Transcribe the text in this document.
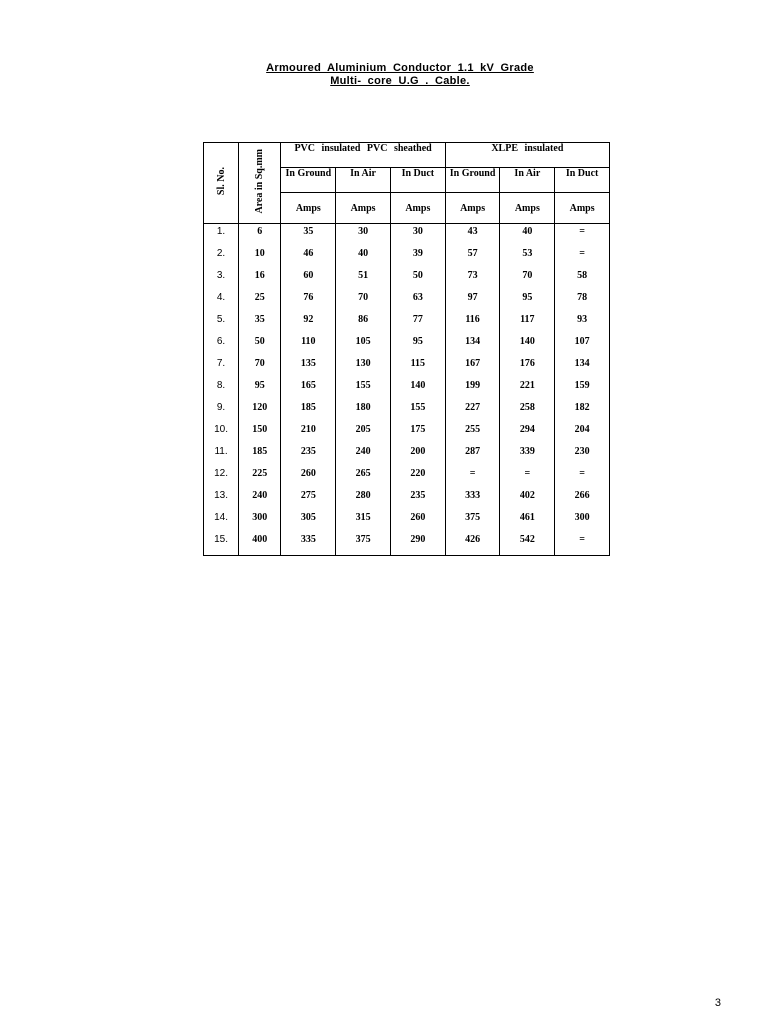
Armoured Aluminium Conductor 1.1 kV Grade
Multi- core U.G . Cable.
Sl. No.	Area in Sq.mm	PVC insulated PVC sheathed			XLPE insulated		
		In Ground	In Air	In Duct	In Ground	In Air	In Duct
		Amps	Amps	Amps	Amps	Amps	Amps
1.	6	35	30	30	43	40	=
2.	10	46	40	39	57	53	=
3.	16	60	51	50	73	70	58
4.	25	76	70	63	97	95	78
5.	35	92	86	77	116	117	93
6.	50	110	105	95	134	140	107
7.	70	135	130	115	167	176	134
8.	95	165	155	140	199	221	159
9.	120	185	180	155	227	258	182
10.	150	210	205	175	255	294	204
11.	185	235	240	200	287	339	230
12.	225	260	265	220	=	=	=
13.	240	275	280	235	333	402	266
14.	300	305	315	260	375	461	300
15.	400	335	375	290	426	542	=
3
